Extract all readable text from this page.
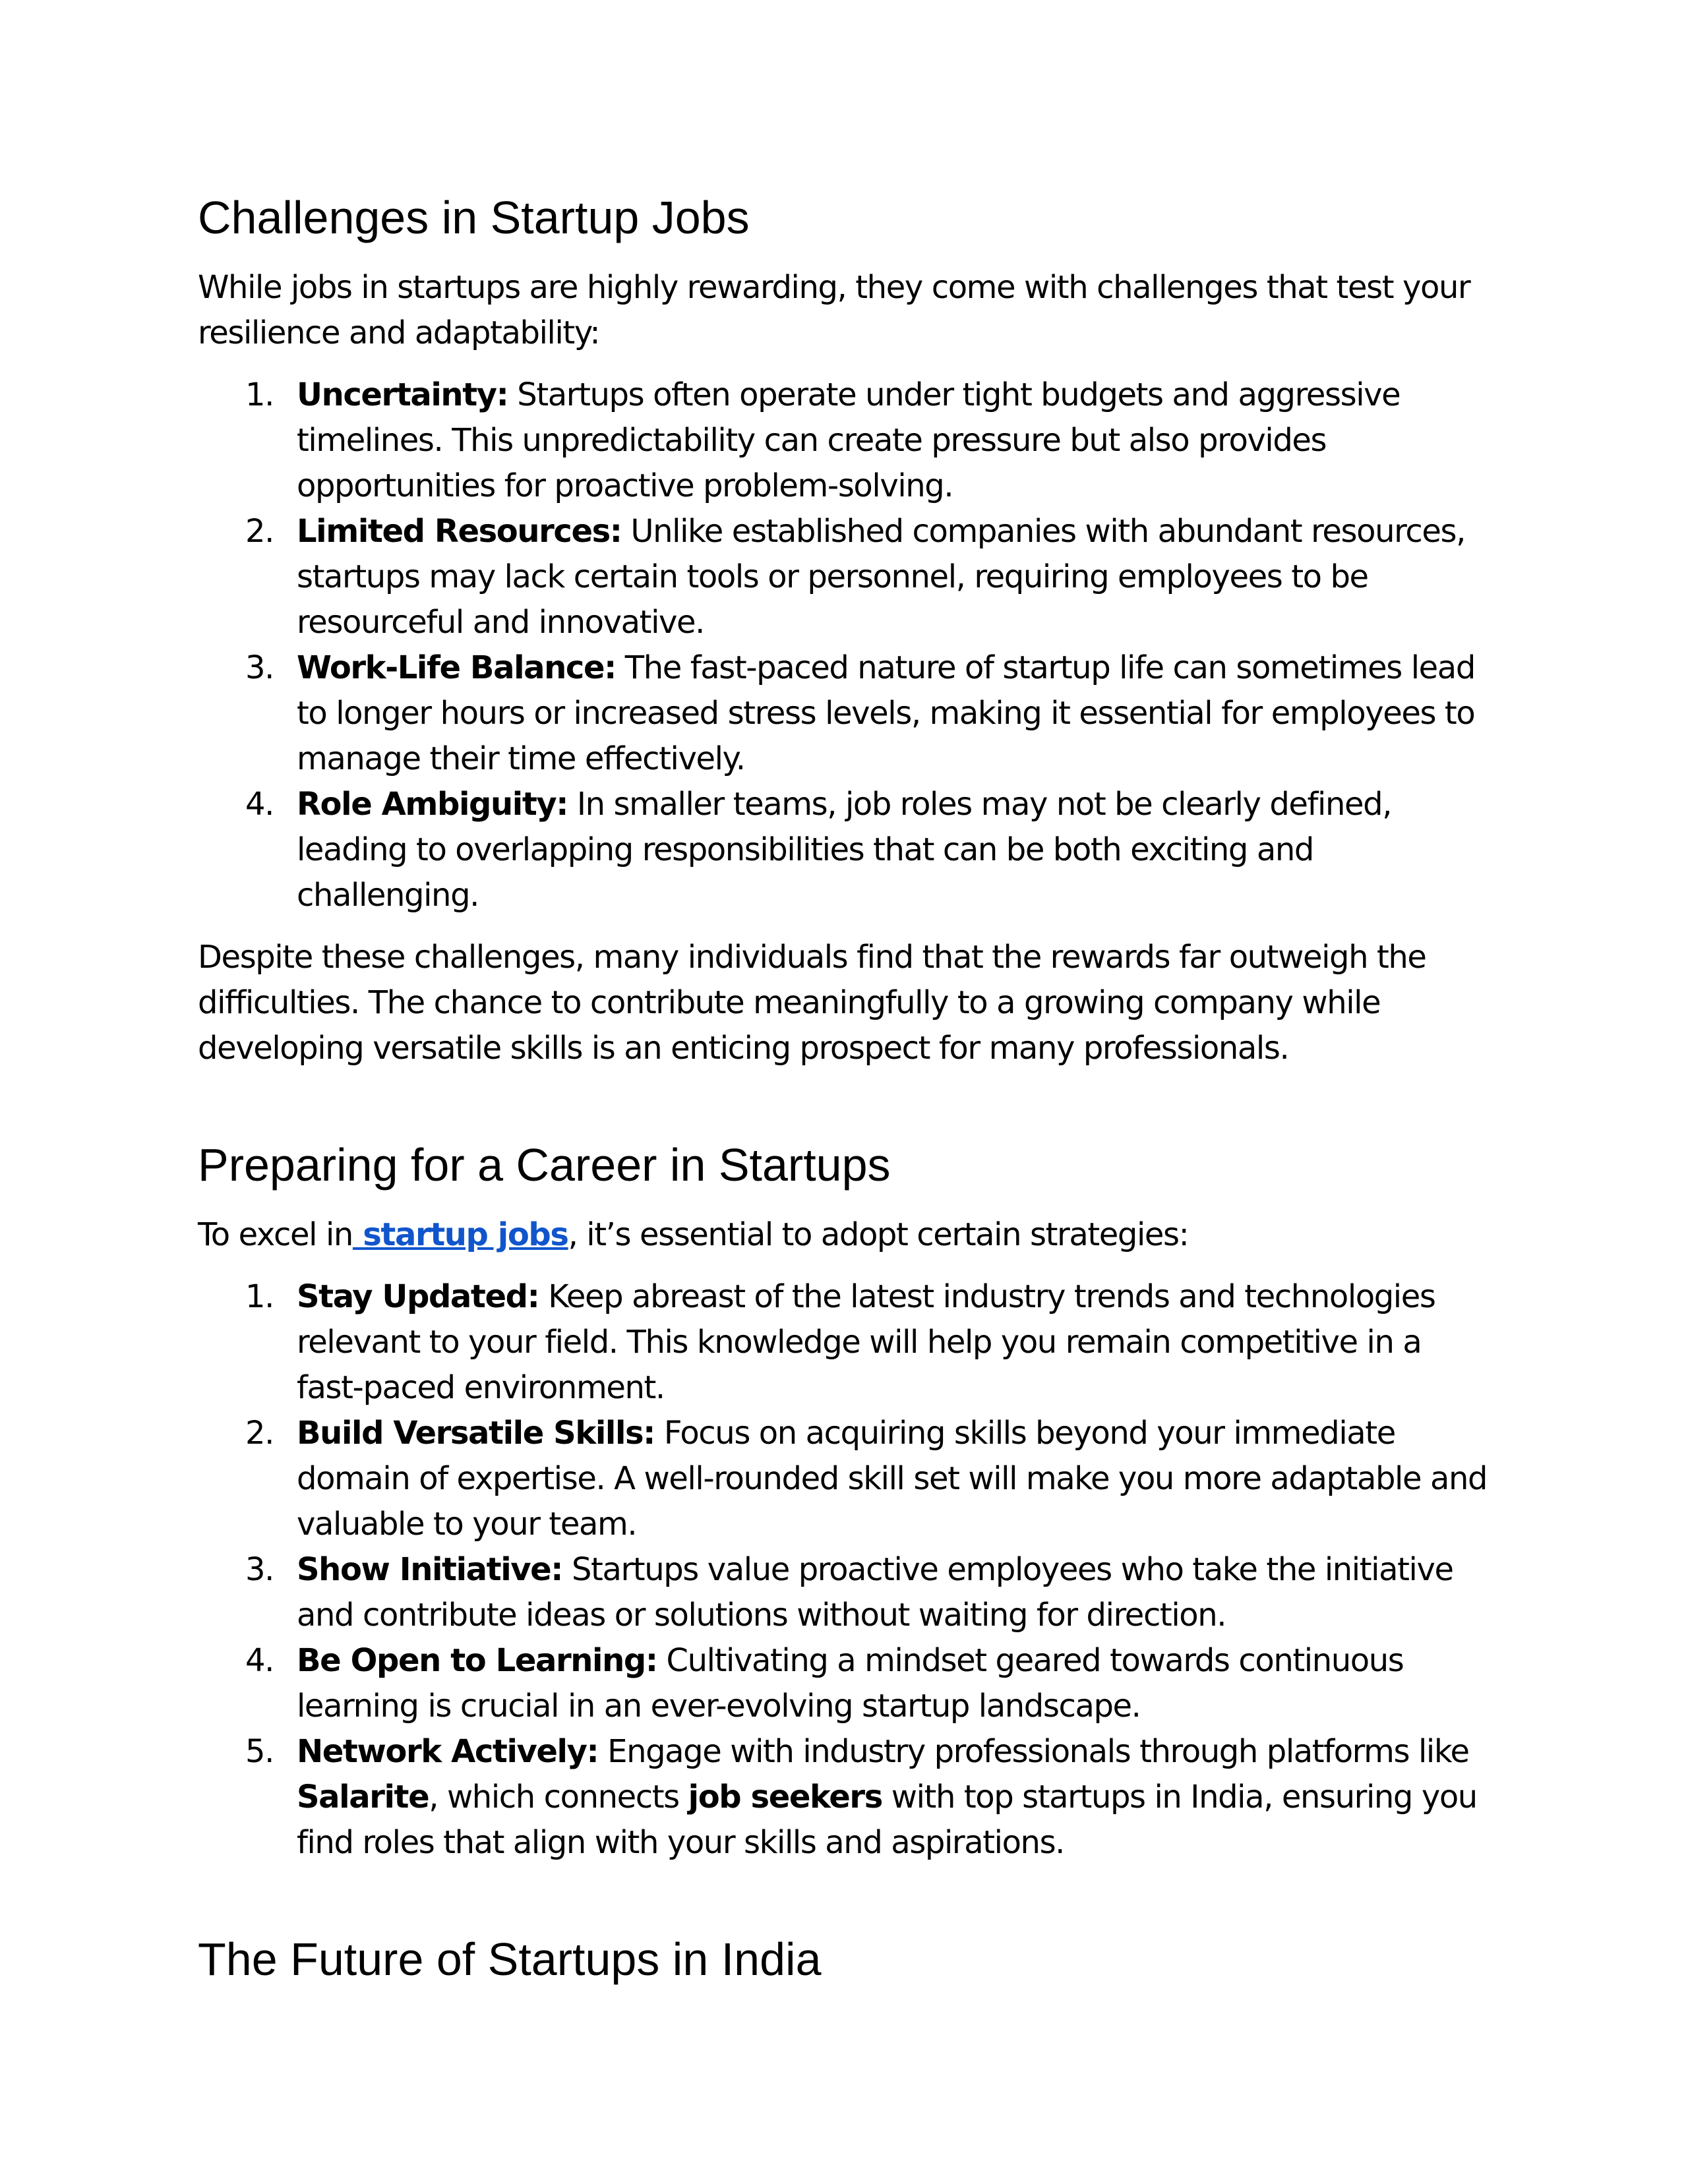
Challenges in Startup Jobs

While jobs in startups are highly rewarding, they come with challenges that test your resilience and adaptability:

1. Uncertainty: Startups often operate under tight budgets and aggressive timelines. This unpredictability can create pressure but also provides opportunities for proactive problem-solving.
2. Limited Resources: Unlike established companies with abundant resources, startups may lack certain tools or personnel, requiring employees to be resourceful and innovative.
3. Work-Life Balance: The fast-paced nature of startup life can sometimes lead to longer hours or increased stress levels, making it essential for employees to manage their time effectively.
4. Role Ambiguity: In smaller teams, job roles may not be clearly defined, leading to overlapping responsibilities that can be both exciting and challenging.

Despite these challenges, many individuals find that the rewards far outweigh the difficulties. The chance to contribute meaningfully to a growing company while developing versatile skills is an enticing prospect for many professionals.

Preparing for a Career in Startups

To excel in startup jobs, it’s essential to adopt certain strategies:

1. Stay Updated: Keep abreast of the latest industry trends and technologies relevant to your field. This knowledge will help you remain competitive in a fast-paced environment.
2. Build Versatile Skills: Focus on acquiring skills beyond your immediate domain of expertise. A well-rounded skill set will make you more adaptable and valuable to your team.
3. Show Initiative: Startups value proactive employees who take the initiative and contribute ideas or solutions without waiting for direction.
4. Be Open to Learning: Cultivating a mindset geared towards continuous learning is crucial in an ever-evolving startup landscape.
5. Network Actively: Engage with industry professionals through platforms like Salarite, which connects job seekers with top startups in India, ensuring you find roles that align with your skills and aspirations.
The Future of Startups in India
